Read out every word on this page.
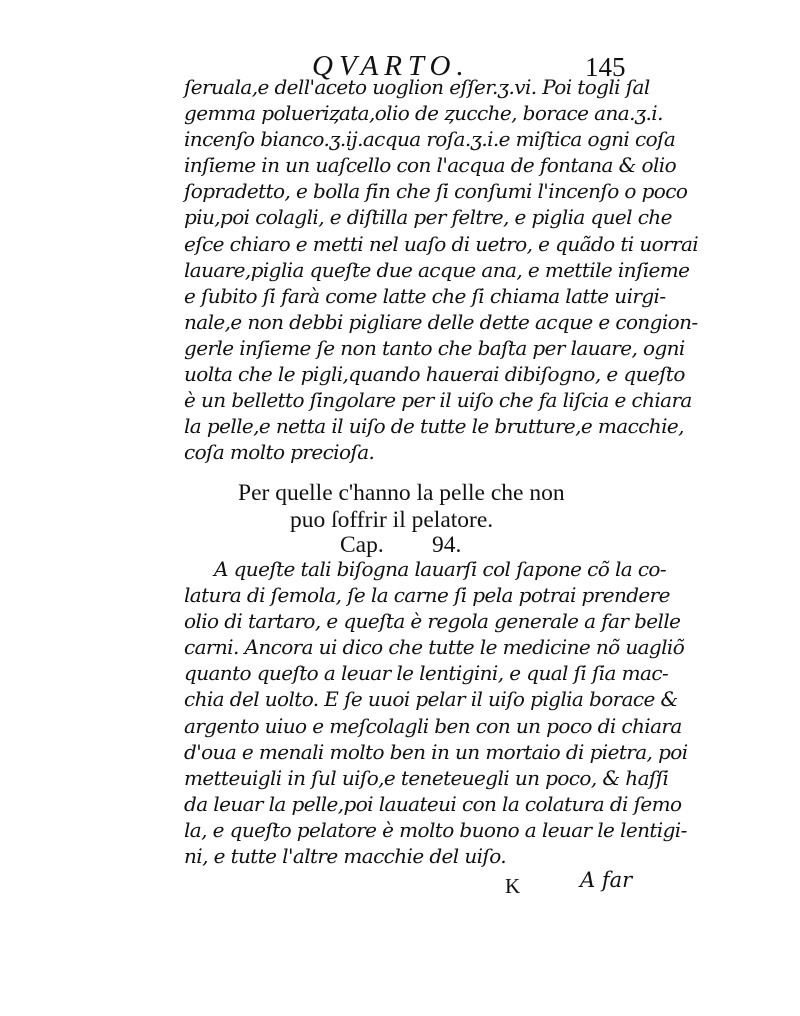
QVARTO.	145
ſeruala,e dell'aceto uoglion eſſer.ʒ.vi. Poi togli ſal
gemma polueriȥata,olio de ȥucche, borace ana.ʒ.i.
incenſo bianco.ʒ.ij.acqua roſa.ʒ.i.e miſtica ogni coſa
inſieme in un uaſcello con l'acqua de fontana & olio
ſopradetto, e bolla fin che ſi conſumi l'incenſo o poco
piu,poi colagli, e diſtilla per feltre, e piglia quel che
eſce chiaro e metti nel uaſo di uetro, e quãdo ti uorrai
lauare,piglia queſte due acque ana, e mettile inſieme
e ſubito ſi farà come latte che ſi chiama latte uirgi-
nale,e non debbi pigliare delle dette acque e congion-
gerle inſieme ſe non tanto che baſta per lauare, ogni
uolta che le pigli,quando hauerai dibiſogno, e queſto
è un belletto ſingolare per il uiſo che fa liſcia e chiara
la pelle,e netta il uiſo de tutte le brutture,e macchie,
coſa molto precioſa.
Per quelle c'hanno la pelle che non
puo ſoffrir il pelatore.
Cap. 94.
A queſte tali biſogna lauarſi col ſapone cõ la co-
latura di ſemola, ſe la carne ſi pela potrai prendere
olio di tartaro, e queſta è regola generale a far belle
carni. Ancora ui dico che tutte le medicine nõ uagliõ
quanto queſto a leuar le lentigini, e qual ſi ſia mac-
chia del uolto. E ſe uuoi pelar il uiſo piglia borace &
argento uiuo e meſcolagli ben con un poco di chiara
d'oua e menali molto ben in un mortaio di pietra, poi
metteuigli in ſul uiſo,e teneteuegli un poco, & haſſi
da leuar la pelle,poi lauateui con la colatura di ſemo
la, e queſto pelatore è molto buono a leuar le lentigi-
ni, e tutte l'altre macchie del uiſo.
K	A far
